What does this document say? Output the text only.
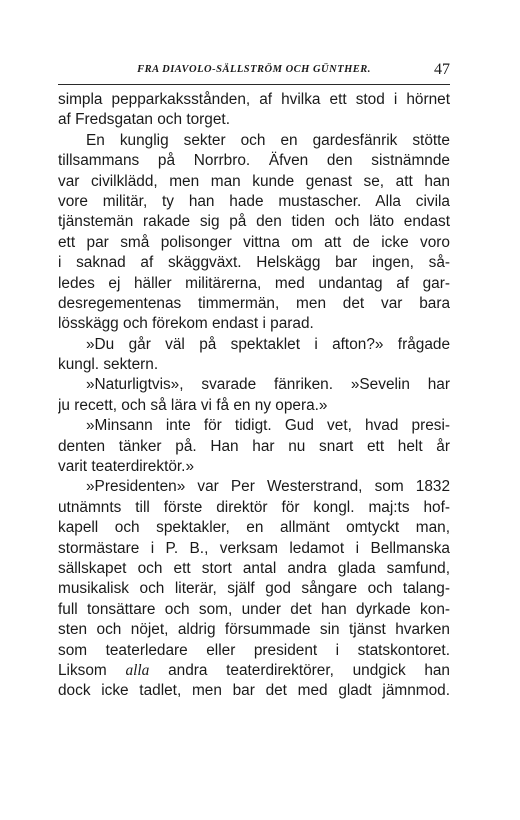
FRA DIAVOLO-SÄLLSTRÖM OCH GÜNTHER.	47
simpla pepparkaksstånden, af hvilka ett stod i hörnet
af Fredsgatan och torget.
En kunglig sekter och en gardesfänrik stötte
tillsammans på Norrbro. Äfven den sistnämnde
var civilklädd, men man kunde genast se, att han
vore militär, ty han hade mustascher. Alla civila
tjänstemän rakade sig på den tiden och läto endast
ett par små polisonger vittna om att de icke voro
i saknad af skäggväxt. Helskägg bar ingen, så-
ledes ej häller militärerna, med undantag af gar-
desregementenas timmermän, men det var bara
lösskägg och förekom endast i parad.
»Du går väl på spektaklet i afton?» frågade
kungl. sektern.
»Naturligtvis», svarade fänriken. »Sevelin har
ju recett, och så lära vi få en ny opera.»
»Minsann inte för tidigt. Gud vet, hvad presi-
denten tänker på. Han har nu snart ett helt år
varit teaterdirektör.»
»Presidenten» var Per Westerstrand, som 1832
utnämnts till förste direktör för kongl. maj:ts hof-
kapell och spektakler, en allmänt omtyckt man,
stormästare i P. B., verksam ledamot i Bellmanska
sällskapet och ett stort antal andra glada samfund,
musikalisk och literär, själf god sångare och talang-
full tonsättare och som, under det han dyrkade kon-
sten och nöjet, aldrig försummade sin tjänst hvarken
som teaterledare eller president i statskontoret.
Liksom alla andra teaterdirektörer, undgick han
dock icke tadlet, men bar det med gladt jämnmod.
